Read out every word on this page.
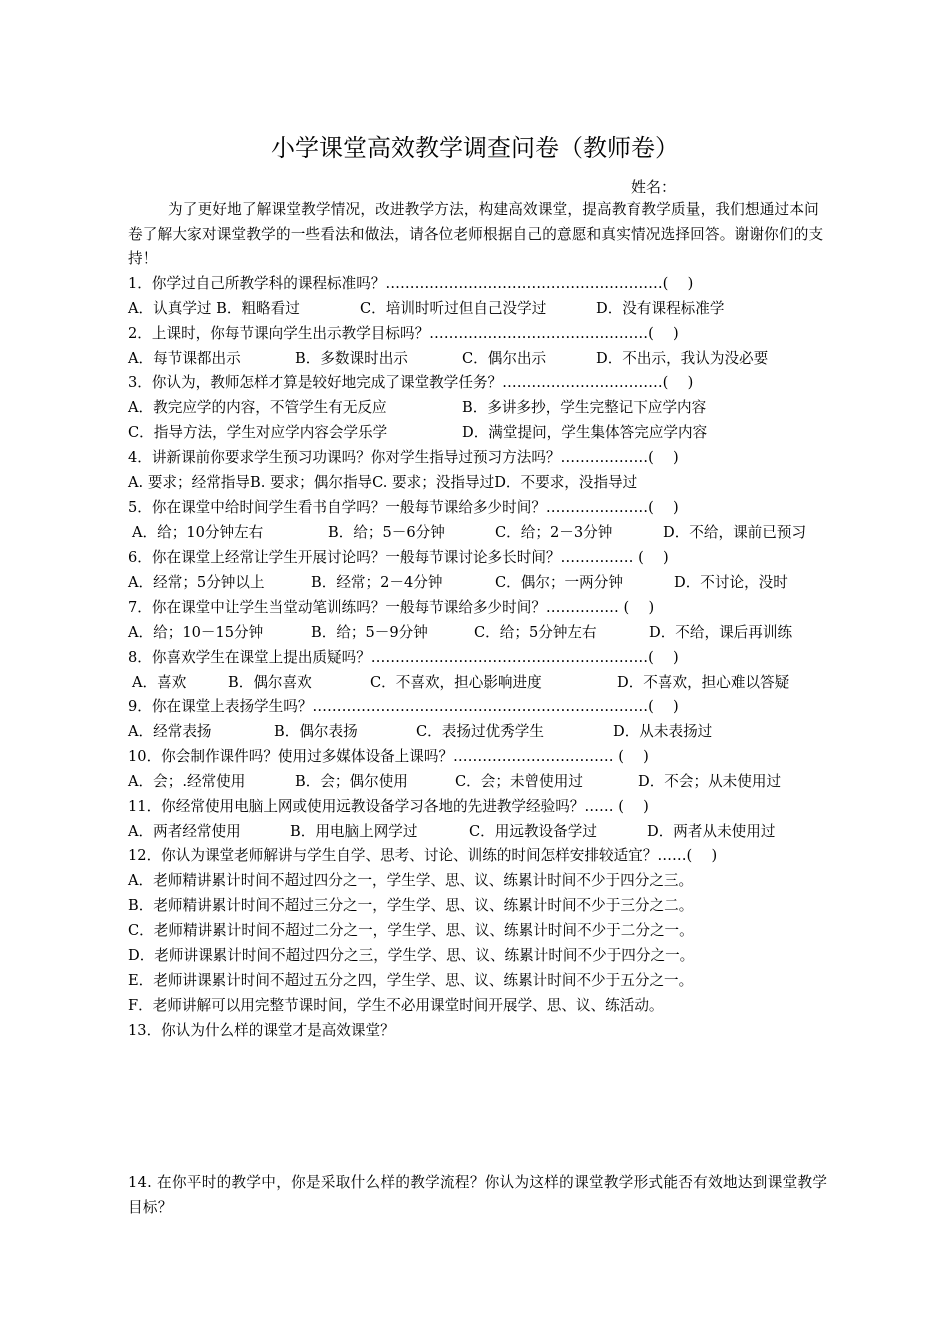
小学课堂高效教学调查问卷（教师卷）
姓名：
为了更好地了解课堂教学情况，改进教学方法，构建高效课堂，提高教育教学质量，我们想通过本问卷了解大家对课堂教学的一些看法和做法，请各位老师根据自己的意愿和真实情况选择回答。谢谢你们的支持！
1．你学过自己所教学科的课程标准吗？…………………………………………………(　 )
A．认真学过 B．粗略看过	C．培训时听过但自己没学过	D．没有课程标准学
2．上课时，你每节课向学生出示教学目标吗？………………………………………(　 )
A．每节课都出示	B．多数课时出示	C．偶尔出示	D．不出示，我认为没必要
3．你认为，教师怎样才算是较好地完成了课堂教学任务？……………………………(　 )
A．教完应学的内容，不管学生有无反应	B．多讲多抄，学生完整记下应学内容
C．指导方法，学生对应学内容会学乐学	D．满堂提问，学生集体答完应学内容
4．讲新课前你要求学生预习功课吗？你对学生指导过预习方法吗？………………(　 )
A. 要求；经常指导B. 要求；偶尔指导C. 要求；没指导过D．不要求，没指导过
5．你在课堂中给时间学生看书自学吗？一般每节课给多少时间？…………………(　 )
A．给；10分钟左右	B．给；5－6分钟	C．给；2－3分钟	D．不给，课前已预习
6．你在课堂上经常让学生开展讨论吗？一般每节课讨论多长时间？…………… (　 )
A．经常；5分钟以上	B．经常；2－4分钟	C．偶尔；一两分钟	D．不讨论，没时
7．你在课堂中让学生当堂动笔训练吗？一般每节课给多少时间？…………… (　 )
A．给；10－15分钟	B．给；5－9分钟	C．给；5分钟左右	D．不给，课后再训练
8．你喜欢学生在课堂上提出质疑吗？…………………………………………………(　 )
A．喜欢	B．偶尔喜欢	C．不喜欢，担心影响进度	D．不喜欢，担心难以答疑
9．你在课堂上表扬学生吗？……………………………………………………………(　 )
A．经常表扬	B．偶尔表扬	C．表扬过优秀学生	D．从未表扬过
10．你会制作课件吗？使用过多媒体设备上课吗？…………………………… (　 )
A．会；.经常使用	B．会；偶尔使用	C．会；未曾使用过	D．不会；从未使用过
11．你经常使用电脑上网或使用远教设备学习各地的先进教学经验吗？…… (　 )
A．两者经常使用	B．用电脑上网学过	C．用远教设备学过	D．两者从未使用过
12．你认为课堂老师解讲与学生自学、思考、讨论、训练的时间怎样安排较适宜？……(　 )
A．老师精讲累计时间不超过四分之一，学生学、思、议、练累计时间不少于四分之三。
B．老师精讲累计时间不超过三分之一，学生学、思、议、练累计时间不少于三分之二。
C．老师精讲累计时间不超过二分之一，学生学、思、议、练累计时间不少于二分之一。
D．老师讲课累计时间不超过四分之三，学生学、思、议、练累计时间不少于四分之一。
E．老师讲课累计时间不超过五分之四，学生学、思、议、练累计时间不少于五分之一。
F．老师讲解可以用完整节课时间，学生不必用课堂时间开展学、思、议、练活动。
13．你认为什么样的课堂才是高效课堂？
14. 在你平时的教学中，你是采取什么样的教学流程？你认为这样的课堂教学形式能否有效地达到课堂教学目标？
